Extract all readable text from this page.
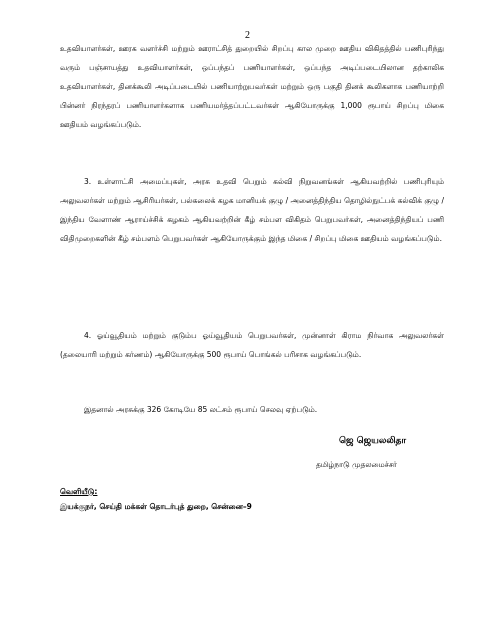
2

உதவியாளர்கள், ஊரக வளர்ச்சி மற்றும் ஊராட்சித் துறையில் சிறப்பு கால முறை ஊதிய விகிதத்தில் பணிபுரிந்து வரும் பஞ்சாயத்து உதவியாளர்கள், ஒப்பந்தப் பணியாளர்கள், ஒப்பந்த அடிப்படையிலான தற்காலிக உதவியாளர்கள், தினக்கூலி அடிப்படையில் பணியாற்றுபவர்கள் மற்றும் ஒரு பகுதி தினக் கூலிகளாக பணியாற்றி பின்னர் நிரந்தரப் பணியாளர்களாக பணியமர்த்தப்பட்டவர்கள் ஆகியோருக்கு 1,000 ரூபாய் சிறப்பு மிகை ஊதியம் வழங்கப்படும்.

3. உள்ளாட்சி அமைப்புகள், அரசு உதவி பெறும் கல்வி நிறுவனங்கள் ஆகியவற்றில் பணிபுரியும் அலுவலர்கள் மற்றும் ஆசிரியர்கள், பல்கலைக் கழக மானியக் குழு / அனைத்திந்திய தொழில்நுட்பக் கல்விக் குழு / இந்திய வேளாண் ஆராய்ச்சிக் கழகம் ஆகியவற்றின் கீழ் சம்பள விகிதம் பெறுபவர்கள், அனைத்திந்தியப் பணி விதிமுறைகளின் கீழ் சம்பளம் பெறுபவர்கள் ஆகியோருக்கும் இந்த மிகை / சிறப்பு மிகை ஊதியம் வழங்கப்படும்.

4. ஓய்வூதியம் மற்றும் குடும்ப ஓய்வூதியம் பெறுபவர்கள், முன்னாள் கிராம நிர்வாக அலுவலர்கள் (தலையாரி மற்றும் கர்ணம்) ஆகியோருக்கு 500 ரூபாய் பொங்கல் பரிசாக வழங்கப்படும்.

இதனால் அரசுக்கு 326 கோடியே 85 லட்சம் ரூபாய் செலவு ஏற்படும்.

ஜெ ஜெயலலிதா
தமிழ்நாடு முதலமைச்சர்
வெளியீடு:
இயக்குநர், செய்தி மக்கள் தொடர்புத் துறை, சென்னை–9
